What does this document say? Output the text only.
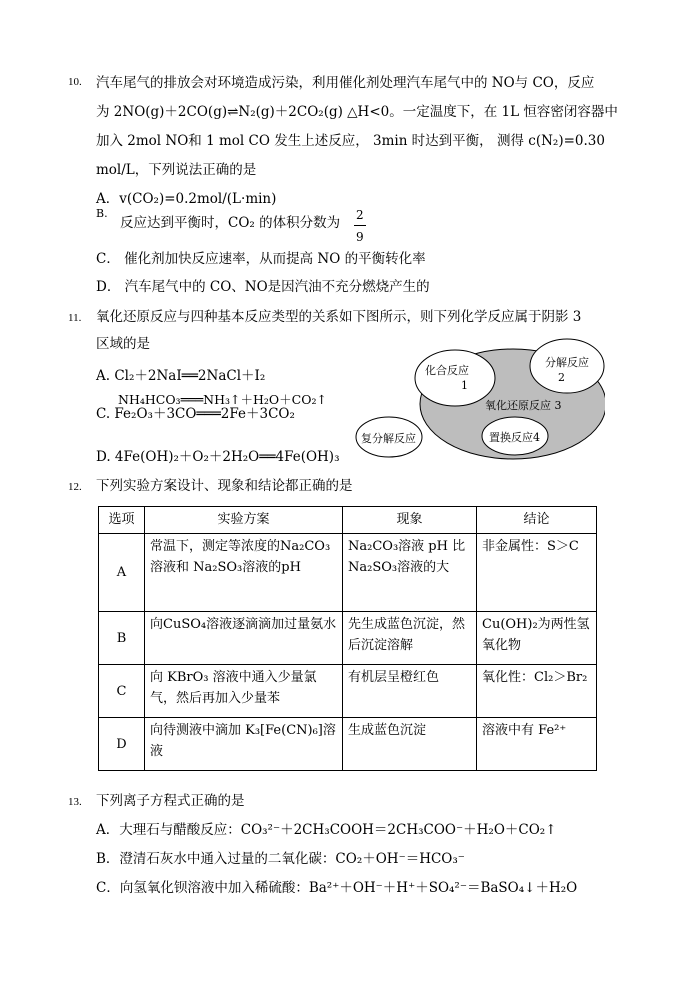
10. 汽车尾气的排放会对环境造成污染，利用催化剂处理汽车尾气中的 NO与 CO，反应
为 2NO(g)＋2CO(g)⇌N₂(g)＋2CO₂(g) △H<0。一定温度下，在 1L 恒容密闭容器中
加入 2mol NO和 1 mol CO 发生上述反应， 3min 时达到平衡， 测得 c(N₂)=0.30
mol/L，下列说法正确的是
A．v(CO₂)=0.2mol/(L·min)
B.
反应达到平衡时，CO₂ 的体积分数为 2
9
C． 催化剂加快反应速率，从而提高 NO 的平衡转化率
D． 汽车尾气中的 CO、NO是因汽油不充分燃烧产生的
11. 氧化还原反应与四种基本反应类型的关系如下图所示，则下列化学反应属于阴影 3
区域的是
A. Cl₂＋2NaI══2NaCl＋I₂
NH₄HCO₃═══NH₃↑＋H₂O＋CO₂↑
C. Fe₂O₃＋3CO═══2Fe＋3CO₂
D. 4Fe(OH)₂＋O₂＋2H₂O══4Fe(OH)₃
化合反应
1
分解反应
2
氧化还原反应 3
复分解反应	置换反应4
12. 下列实验方案设计、现象和结论都正确的是
选项	实验方案	现象	结论
A	常温下，测定等浓度的Na₂CO₃溶液和 Na₂SO₃溶液的pH	Na₂CO₃溶液 pH 比Na₂SO₃溶液的大	非金属性：S＞C
B	向CuSO₄溶液逐滴滴加过量氨水	先生成蓝色沉淀，然后沉淀溶解	Cu(OH)₂为两性氢氧化物
C	向 KBrO₃ 溶液中通入少量氯气，然后再加入少量苯	有机层呈橙红色	氧化性：Cl₂＞Br₂
D	向待测液中滴加 K₃[Fe(CN)₆]溶液	生成蓝色沉淀	溶液中有 Fe²⁺
13. 下列离子方程式正确的是
A．大理石与醋酸反应：CO₃²⁻＋2CH₃COOH＝2CH₃COO⁻＋H₂O＋CO₂↑
B．澄清石灰水中通入过量的二氧化碳：CO₂＋OH⁻＝HCO₃⁻
C．向氢氧化钡溶液中加入稀硫酸：Ba²⁺＋OH⁻＋H⁺＋SO₄²⁻＝BaSO₄↓＋H₂O
